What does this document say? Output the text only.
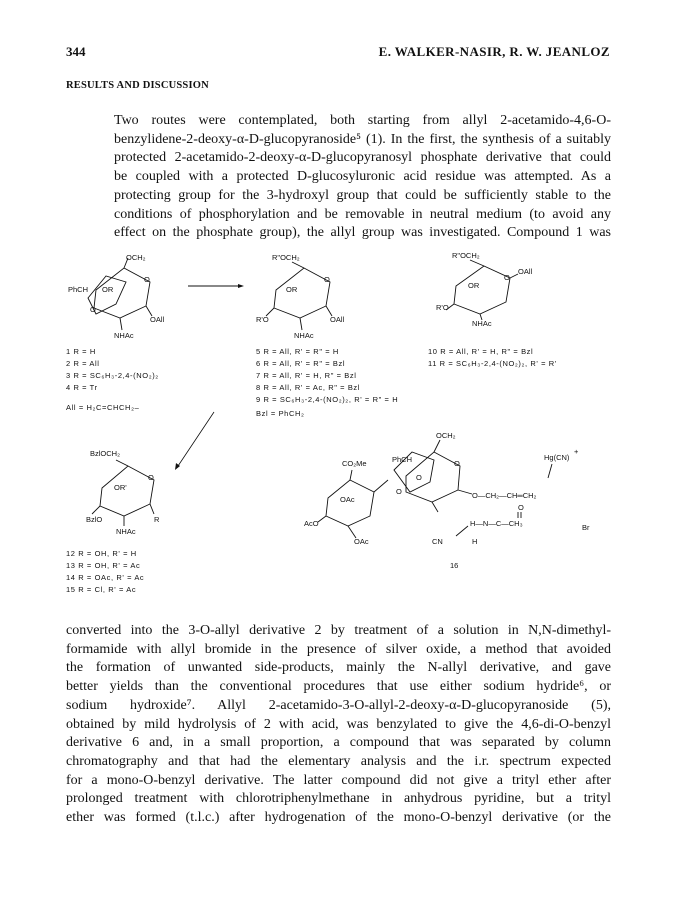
344	E. WALKER-NASIR, R. W. JEANLOZ
RESULTS AND DISCUSSION
Two routes were contemplated, both starting from allyl 2-acetamido-4,6-O-
benzylidene-2-deoxy-α-D-glucopyranoside⁵ (1). In the first, the synthesis of a suitably
protected 2-acetamido-2-deoxy-α-D-glucopyranosyl phosphate derivative that could
be coupled with a protected D-glucosyluronic acid residue was attempted. As a
protecting group for the 3-hydroxyl group that could be sufficiently stable to the
conditions of phosphorylation and be removable in neutral medium (to avoid any
effect on the phosphate group), the allyl group was investigated. Compound 1 was
OCH₂
PhCH
O
O
OR
OAll
NHAc
R"OCH₂
O
OR
R'O	OAll
NHAc
R"OCH₂
OAll
O
OR
R'O
NHAc
1 R = H
2 R = All
3 R = SC₆H₃-2,4-(NO₂)₂
4 R = Tr
All = H₂C=CHCH₂–
5 R = All, R' = R" = H
6 R = All, R' = R" = Bzl
7 R = All, R' = H, R" = Bzl
8 R = All, R' = Ac, R" = Bzl
9 R = SC₆H₃-2,4-(NO₂)₂, R' = R" = H
Bzl = PhCH₂
10 R = All, R' = H, R" = Bzl
11 R = SC₆H₃-2,4-(NO₂)₂, R' = R'
BzlOCH₂
O
OR'
BzlO	R
NHAc
12 R = OH, R' = H
13 R = OH, R' = Ac
14 R = OAc, R' = Ac
15 R = Cl, R' = Ac
CO₂Me
OAc
AcO
OAc
OCH₂
PhCH	O
O
O	O—CH₂—CH═CH₂
Hg(CN)
+
O
H—N—C—CH₃
CN	H
Br
16
converted into the 3-O-allyl derivative 2 by treatment of a solution in N,N-dimethyl-
formamide with allyl bromide in the presence of silver oxide, a method that avoided
the formation of unwanted side-products, mainly the N-allyl derivative, and gave
better yields than the conventional procedures that use either sodium hydride⁶, or
sodium hydroxide⁷. Allyl 2-acetamido-3-O-allyl-2-deoxy-α-D-glucopyranoside (5),
obtained by mild hydrolysis of 2 with acid, was benzylated to give the 4,6-di-O-benzyl
derivative 6 and, in a small proportion, a compound that was separated by column
chromatography and that had the elementary analysis and the i.r. spectrum expected
for a mono-O-benzyl derivative. The latter compound did not give a trityl ether after
prolonged treatment with chlorotriphenylmethane in anhydrous pyridine, but a trityl
ether was formed (t.l.c.) after hydrogenation of the mono-O-benzyl derivative (or the
